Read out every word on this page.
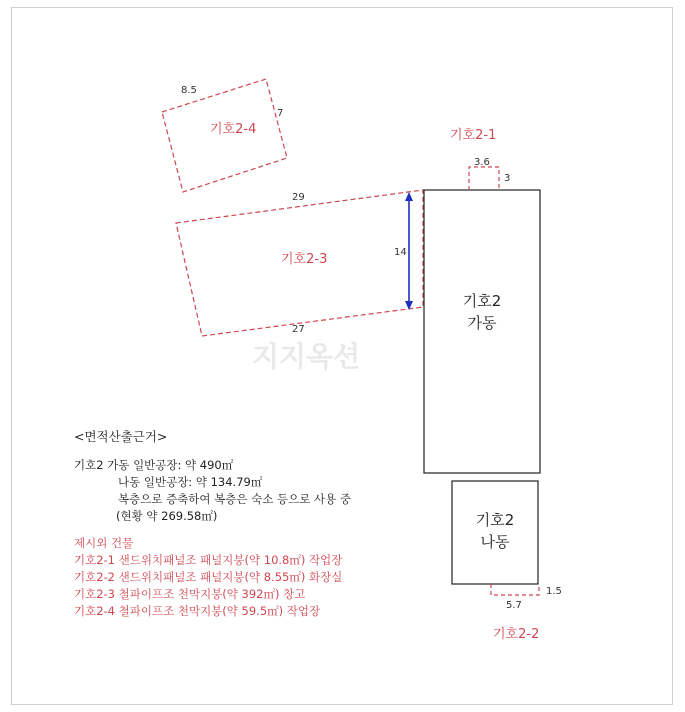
지지옥션
기호2-4
8.5
7
기호2-3
29
27
14
기호2
가동
기호2-1
3.6
3
기호2
나동
5.7
1.5
기호2-2
<면적산출근거>
기호2 가동 일반공장: 약 490㎡
나동 일반공장: 약 134.79㎡
복층으로 증축하여 복층은 숙소 등으로 사용 중
(현황 약 269.58㎡)
제시외 건물
기호2-1 샌드위치패널조 패널지붕(약 10.8㎡) 작업장
기호2-2 샌드위치패널조 패널지붕(약 8.55㎡) 화장실
기호2-3 철파이프조 천막지붕(약 392㎡) 창고
기호2-4 철파이프조 천막지붕(약 59.5㎡) 작업장
